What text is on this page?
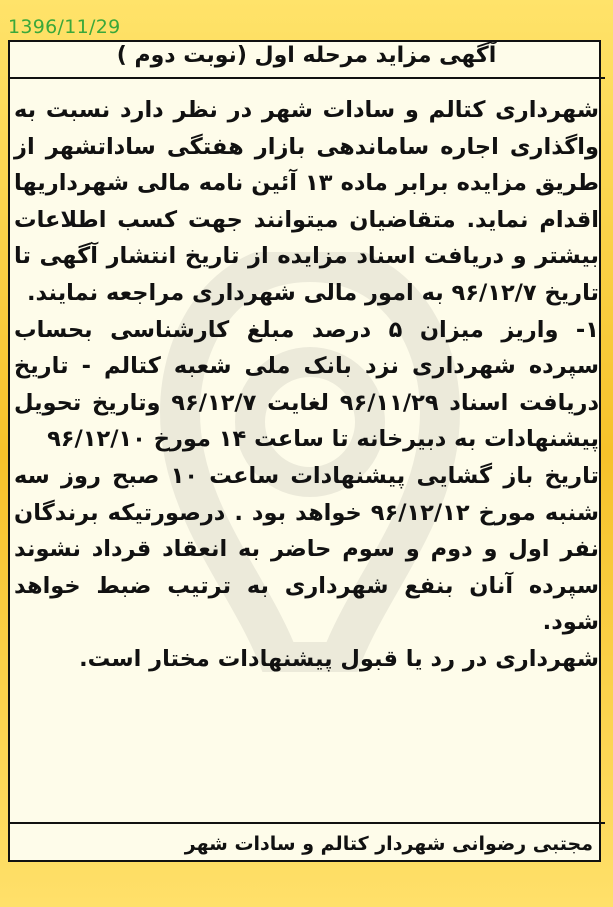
1396/11/29
آگهی مزاید مرحله اول (نوبت دوم )

شهرداری کتالم و سادات شهر در نظر دارد نسبت به واگذاری اجاره ساماندهی بازار هفتگی ساداتشهر از طریق مزایده برابر ماده ۱۳ آئین نامه مالی شهرداریها اقدام نماید. متقاضیان میتوانند جهت کسب اطلاعات بیشتر و دریافت اسناد مزایده از تاریخ انتشار آگهی تا تاریخ ۹۶/۱۲/۷ به امور مالی شهرداری مراجعه نمایند.

۱- واریز میزان ۵ درصد مبلغ کارشناسی بحساب سپرده شهرداری نزد بانک ملی شعبه کتالم - تاریخ دریافت اسناد ۹۶/۱۱/۲۹ لغایت ۹۶/۱۲/۷ وتاریخ تحویل پیشنهادات به دبیرخانه تا ساعت ۱۴ مورخ ۹۶/۱۲/۱۰

تاریخ باز گشایی پیشنهادات ساعت ۱۰ صبح روز سه شنبه مورخ ۹۶/۱۲/۱۲ خواهد بود . درصورتیکه برندگان نفر اول و دوم و سوم حاضر به انعقاد قرداد نشوند سپرده آنان بنفع شهرداری به ترتیب ضبط خواهد شود.

شهرداری در رد یا قبول پیشنهادات مختار است.

مجتبی رضوانی شهردار کتالم و سادات شهر
